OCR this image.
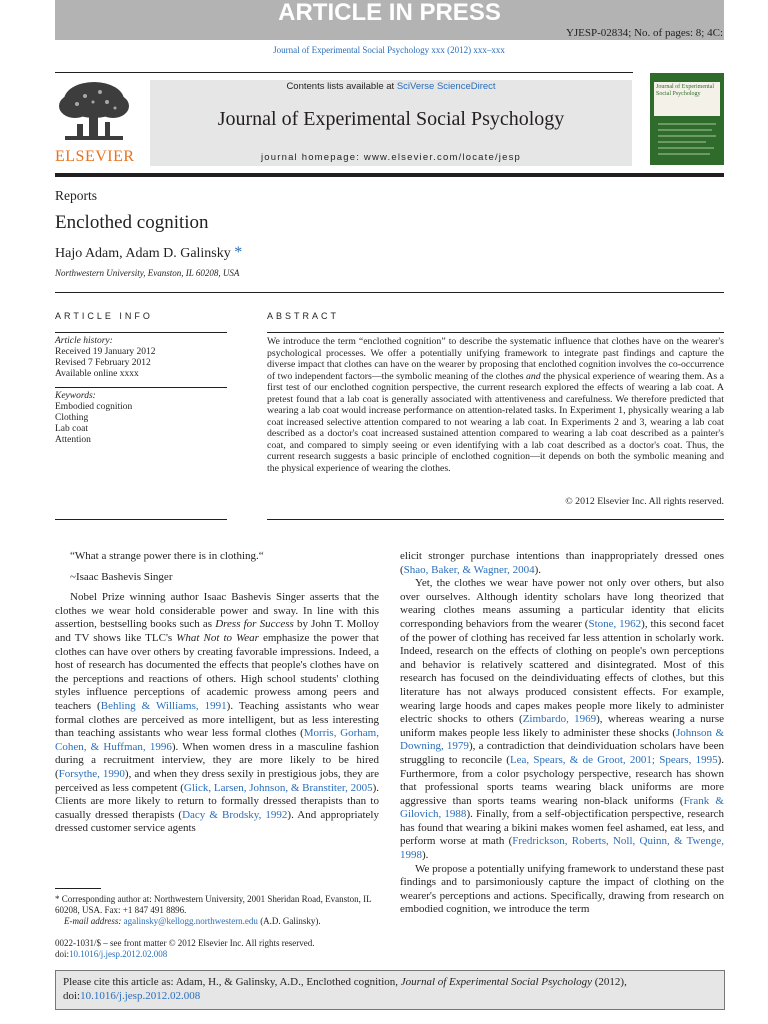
ARTICLE IN PRESS
YJESP-02834; No. of pages: 8; 4C:
Journal of Experimental Social Psychology xxx (2012) xxx–xxx
Contents lists available at SciVerse ScienceDirect
Journal of Experimental Social Psychology
journal homepage: www.elsevier.com/locate/jesp
ELSEVIER
Journal of Experimental Social Psychology
Reports
Enclothed cognition
Hajo Adam, Adam D. Galinsky *
Northwestern University, Evanston, IL 60208, USA
ARTICLE INFO
Article history:
Received 19 January 2012
Revised 7 February 2012
Available online xxxx
Keywords:
Embodied cognition
Clothing
Lab coat
Attention
ABSTRACT
We introduce the term “enclothed cognition” to describe the systematic influence that clothes have on the wearer's psychological processes. We offer a potentially unifying framework to integrate past findings and capture the diverse impact that clothes can have on the wearer by proposing that enclothed cognition involves the co-occurrence of two independent factors—the symbolic meaning of the clothes and the physical experience of wearing them. As a first test of our enclothed cognition perspective, the current research explored the effects of wearing a lab coat. A pretest found that a lab coat is generally associated with attentiveness and carefulness. We therefore predicted that wearing a lab coat would increase performance on attention-related tasks. In Experiment 1, physically wearing a lab coat increased selective attention compared to not wearing a lab coat. In Experiments 2 and 3, wearing a lab coat described as a doctor's coat increased sustained attention compared to wearing a lab coat described as a painter's coat, and compared to simply seeing or even identifying with a lab coat described as a doctor's coat. Thus, the current research suggests a basic principle of enclothed cognition—it depends on both the symbolic meaning and the physical experience of wearing the clothes.
© 2012 Elsevier Inc. All rights reserved.

“What a strange power there is in clothing.“

~Isaac Bashevis Singer

Nobel Prize winning author Isaac Bashevis Singer asserts that the clothes we wear hold considerable power and sway. In line with this assertion, bestselling books such as Dress for Success by John T. Molloy and TV shows like TLC's What Not to Wear emphasize the power that clothes can have over others by creating favorable impressions. Indeed, a host of research has documented the effects that people's clothes have on the perceptions and reactions of others. High school students' clothing styles influence perceptions of academic prowess among peers and teachers (Behling & Williams, 1991). Teaching assistants who wear formal clothes are perceived as more intelligent, but as less interesting than teaching assistants who wear less formal clothes (Morris, Gorham, Cohen, & Huffman, 1996). When women dress in a masculine fashion during a recruitment interview, they are more likely to be hired (Forsythe, 1990), and when they dress sexily in prestigious jobs, they are perceived as less competent (Glick, Larsen, Johnson, & Branstiter, 2005). Clients are more likely to return to formally dressed therapists than to casually dressed therapists (Dacy & Brodsky, 1992). And appropriately dressed customer service agents

elicit stronger purchase intentions than inappropriately dressed ones (Shao, Baker, & Wagner, 2004).

Yet, the clothes we wear have power not only over others, but also over ourselves. Although identity scholars have long theorized that wearing clothes means assuming a particular identity that elicits corresponding behaviors from the wearer (Stone, 1962), this second facet of the power of clothing has received far less attention in scholarly work. Indeed, research on the effects of clothing on people's own perceptions and behavior is relatively scattered and disintegrated. Most of this research has focused on the deindividuating effects of clothes, but this literature has not always produced consistent effects. For example, wearing large hoods and capes makes people more likely to administer electric shocks to others (Zimbardo, 1969), whereas wearing a nurse uniform makes people less likely to administer these shocks (Johnson & Downing, 1979), a contradiction that deindividuation scholars have been struggling to reconcile (Lea, Spears, & de Groot, 2001; Spears, 1995). Furthermore, from a color psychology perspective, research has shown that professional sports teams wearing black uniforms are more aggressive than sports teams wearing non-black uniforms (Frank & Gilovich, 1988). Finally, from a self-objectification perspective, research has found that wearing a bikini makes women feel ashamed, eat less, and perform worse at math (Fredrickson, Roberts, Noll, Quinn, & Twenge, 1998).

We propose a potentially unifying framework to understand these past findings and to parsimoniously capture the impact of clothing on the wearer's perceptions and actions. Specifically, drawing from research on embodied cognition, we introduce the term

* Corresponding author at: Northwestern University, 2001 Sheridan Road, Evanston, IL 60208, USA. Fax: +1 847 491 8896.
E-mail address: agalinsky@kellogg.northwestern.edu (A.D. Galinsky).
0022-1031/$ – see front matter © 2012 Elsevier Inc. All rights reserved.
doi:10.1016/j.jesp.2012.02.008
Please cite this article as: Adam, H., & Galinsky, A.D., Enclothed cognition, Journal of Experimental Social Psychology (2012), doi:10.1016/j.jesp.2012.02.008
